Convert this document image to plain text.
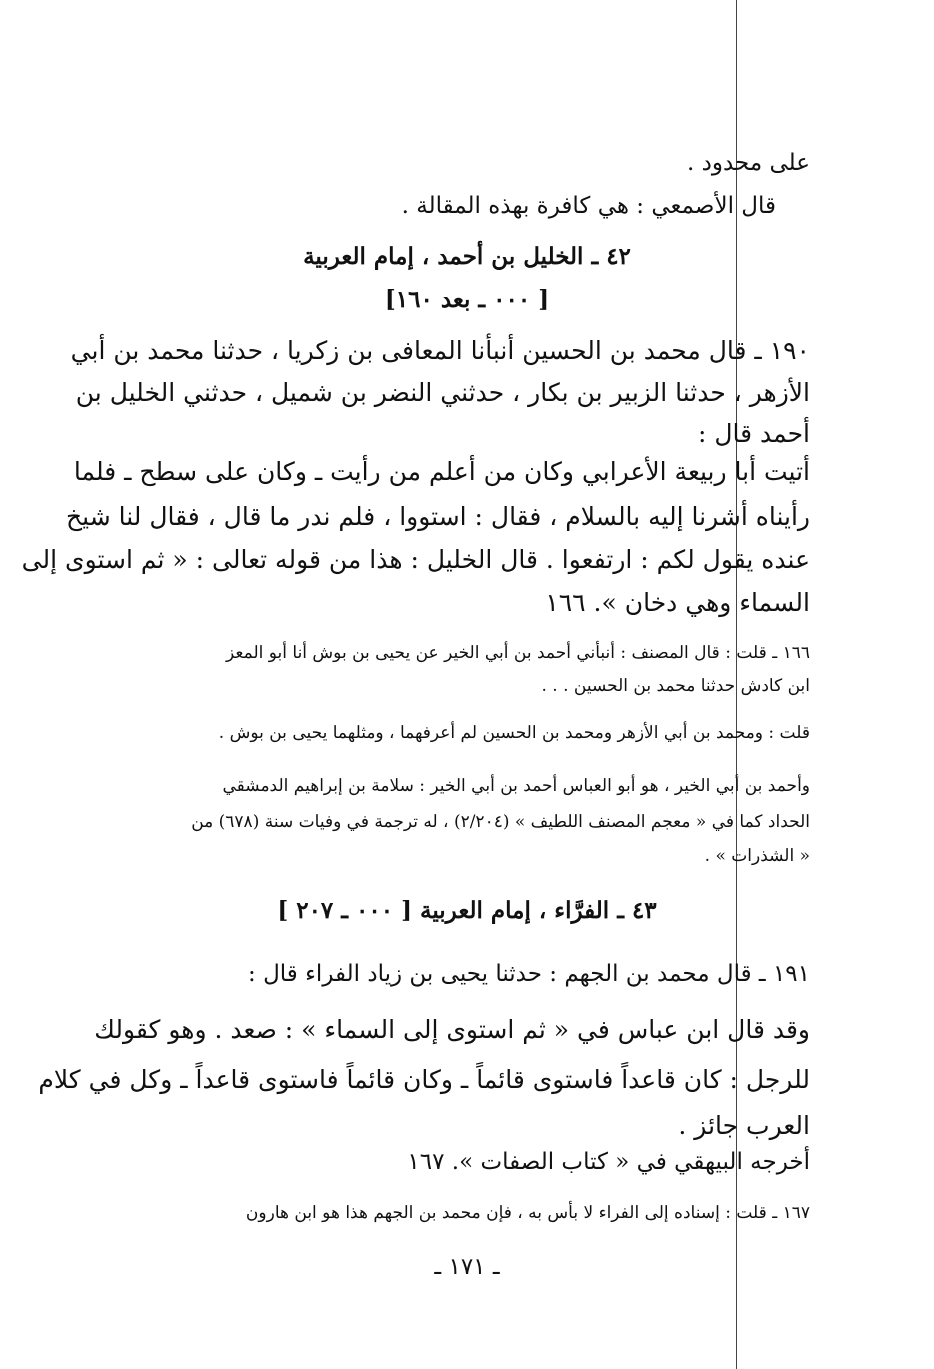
على محدود .
قال الأصمعي : هي كافرة بهذه المقالة .
٤٢ ـ الخليل بن أحمد ، إمام العربية
[ ٠٠٠ ـ بعد ١٦٠]
١٩٠ ـ قال محمد بن الحسين أنبأنا المعافى بن زكريا ، حدثنا محمد بن أبي
الأزهر ، حدثنا الزبير بن بكار ، حدثني النضر بن شميل ، حدثني الخليل بن
أحمد قال :
أتيت أبا ربيعة الأعرابي وكان من أعلم من رأيت ـ وكان على سطح ـ فلما
رأيناه أشرنا إليه بالسلام ، فقال : استووا ، فلم ندر ما قال ، فقال لنا شيخ
عنده يقول لكم : ارتفعوا . قال الخليل : هذا من قوله تعالى : « ثم استوى إلى
السماء وهي دخان ». ١٦٦
١٦٦ ـ قلت : قال المصنف : أنبأني أحمد بن أبي الخير عن يحيى بن بوش أنا أبو المعز
ابن كادش حدثنا محمد بن الحسين . . .
قلت : ومحمد بن أبي الأزهر ومحمد بن الحسين لم أعرفهما ، ومثلهما يحيى بن بوش .
وأحمد بن أبي الخير ، هو أبو العباس أحمد بن أبي الخير : سلامة بن إبراهيم الدمشقي
الحداد كما في « معجم المصنف اللطيف » (٢/٢٠٤) ، له ترجمة في وفيات سنة (٦٧٨) من
« الشذرات » .
٤٣ ـ الفرَّاء ، إمام العربية [ ٠٠٠ ـ ٢٠٧ ]
١٩١ ـ قال محمد بن الجهم : حدثنا يحيى بن زياد الفراء قال :
وقد قال ابن عباس في « ثم استوى إلى السماء » : صعد . وهو كقولك
للرجل : كان قاعداً فاستوى قائماً ـ وكان قائماً فاستوى قاعداً ـ وكل في كلام
العرب جائز .
أخرجه البيهقي في « كتاب الصفات ». ١٦٧
١٦٧ ـ قلت : إسناده إلى الفراء لا بأس به ، فإن محمد بن الجهم هذا هو ابن هارون
ـ ١٧١ ـ
